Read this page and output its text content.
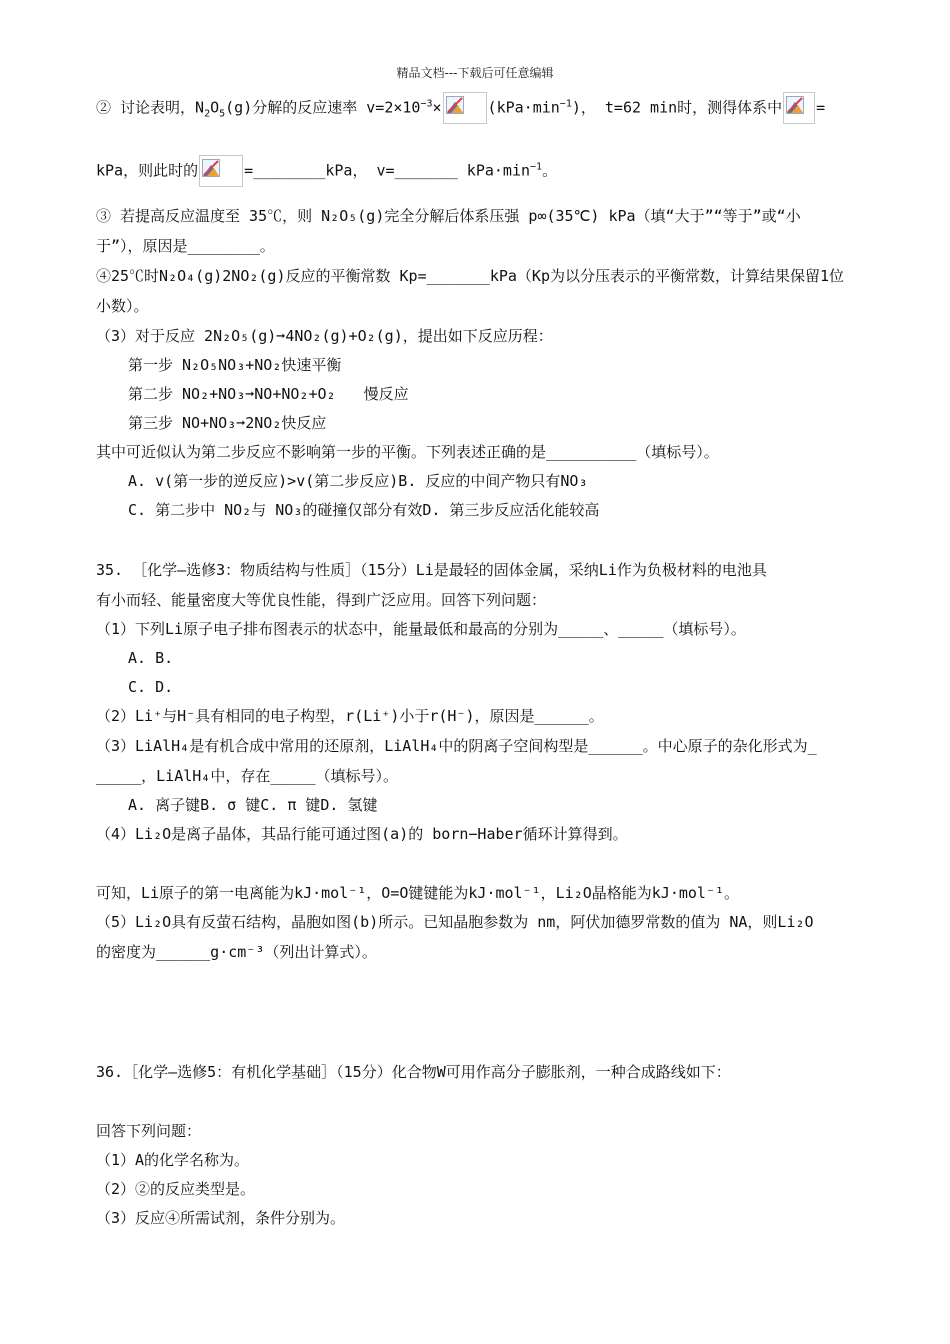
精品文档---下载后可任意编辑
② 讨论表明，$N_2O_5(g)$分解的反应速率 $v=2\times 10^{-3}\times$	$(kPa\cdot\min^{-1})$， t=62 min时，测得体系中 =
kPa，则此时的	=________kPa， v=_______ $kPa\cdot\min^{-1}$。
③ 若提高反应温度至 35℃，则 N₂O₅(g)完全分解后体系压强 p∞(35℃) kPa（填“大于”“等于”或“小
于”），原因是________。
④25℃时N₂O₄(g)2NO₂(g)反应的平衡常数 Kp=_______kPa（Kp为以分压表示的平衡常数，计算结果保留1位
小数）。
（3）对于反应 2N₂O₅(g)➞4NO₂(g)+O₂(g)，提出如下反应历程：
第一步 N₂O₅NO₃+NO₂快速平衡
第二步 NO₂+NO₃➞NO+NO₂+O₂ 慢反应
第三步 NO+NO₃➞2NO₂快反应
其中可近似认为第二步反应不影响第一步的平衡。下列表述正确的是__________（填标号）。
A. v(第一步的逆反应)>v(第二步反应)B. 反应的中间产物只有NO₃
C. 第二步中 NO₂与 NO₃的碰撞仅部分有效D. 第三步反应活化能较高
35. ［化学—选修3：物质结构与性质］（15分）Li是最轻的固体金属，采纳Li作为负极材料的电池具
有小而轻、能量密度大等优良性能，得到广泛应用。回答下列问题：
（1）下列Li原子电子排布图表示的状态中，能量最低和最高的分别为_____、_____（填标号）。
A. B.
C. D.
（2）Li⁺与H⁻具有相同的电子构型，r(Li⁺)小于r(H⁻)，原因是______。
（3）LiAlH₄是有机合成中常用的还原剂，LiAlH₄中的阴离子空间构型是______。中心原子的杂化形式为_
_____，LiAlH₄中，存在_____（填标号）。
A. 离子键B. σ 键C. π 键D. 氢键
（4）Li₂O是离子晶体，其品行能可通过图(a)的 born−Haber循环计算得到。
可知，Li原子的第一电离能为kJ·mol⁻¹，O=O键键能为kJ·mol⁻¹，Li₂O晶格能为kJ·mol⁻¹。
（5）Li₂O具有反萤石结构，晶胞如图(b)所示。已知晶胞参数为 nm，阿伏加德罗常数的值为 NA，则Li₂O
的密度为______g·cm⁻³（列出计算式）。
36.［化学—选修5：有机化学基础］（15分）化合物W可用作高分子膨胀剂，一种合成路线如下：
回答下列问题：
（1）A的化学名称为。
（2）②的反应类型是。
（3）反应④所需试剂，条件分别为。
